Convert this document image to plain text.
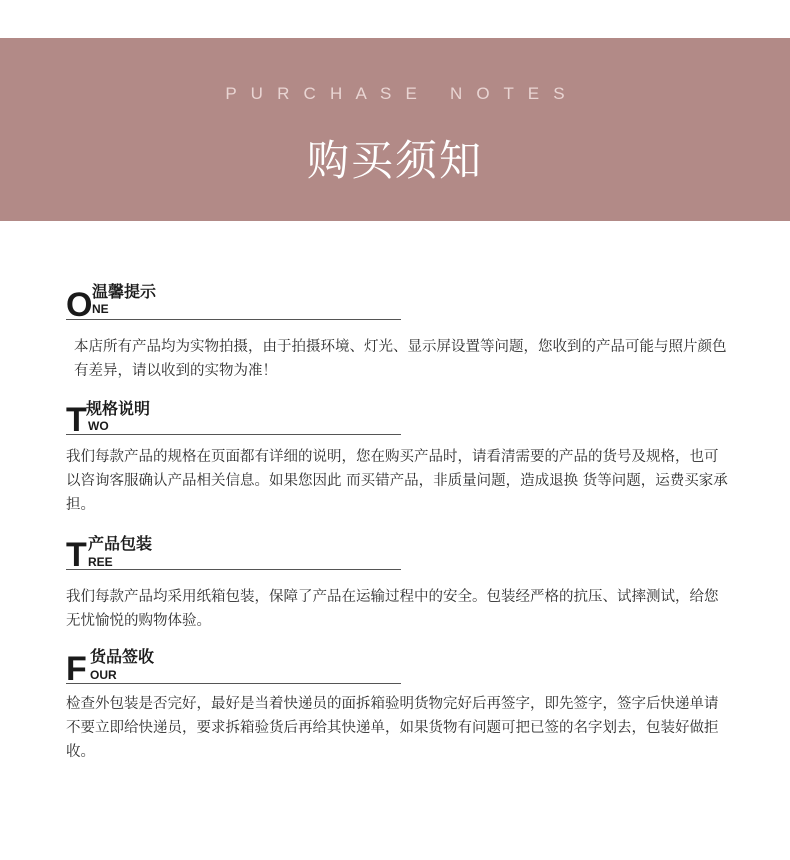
P   U   R   C   H   A   S   E       N   O   T   E   S
购买须知
O 温馨提示
NE
本店所有产品均为实物拍摄，由于拍摄环境、灯光、显示屏设置等问题，您收到的产品可能与照片颜色有差异，请以收到的实物为准！
T 规格说明
WO
我们每款产品的规格在页面都有详细的说明，您在购买产品时，请看清需要的产品的货号及规格，也可以咨询客服确认产品相关信息。如果您因此 而买错产品，非质量问题，造成退换 货等问题，运费买家承担。
T 产品包装
REE
我们每款产品均采用纸箱包装，保障了产品在运输过程中的安全。包装经严格的抗压、试摔测试，给您无忧愉悦的购物体验。
F 货品签收
OUR
检查外包装是否完好，最好是当着快递员的面拆箱验明货物完好后再签字，即先签字，签字后快递单请不要立即给快递员，要求拆箱验货后再给其快递单，如果货物有问题可把已签的名字划去，包装好做拒收。
